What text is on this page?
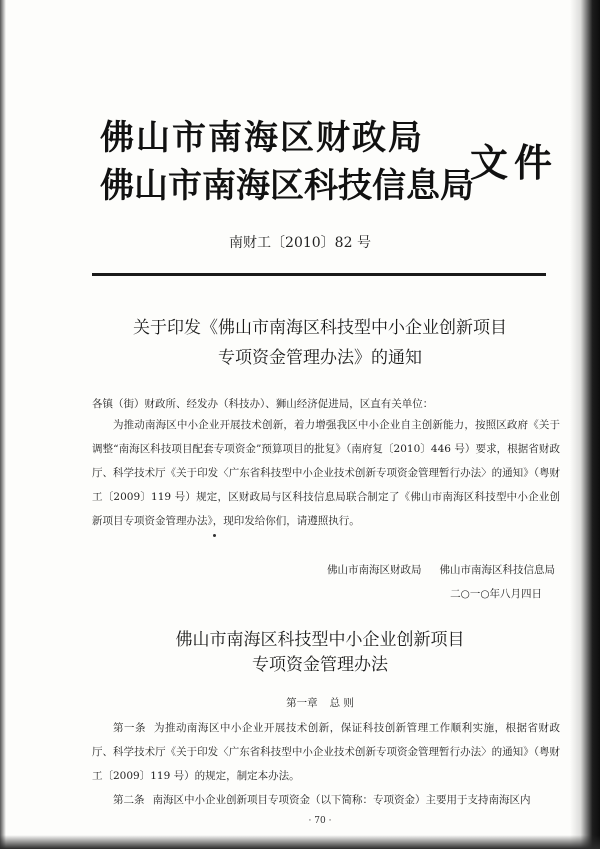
佛山市南海区财政局
佛山市南海区科技信息局
文件
南财工〔2010〕82 号
关于印发《佛山市南海区科技型中小企业创新项目
专项资金管理办法》的通知
各镇（街）财政所、经发办（科技办）、狮山经济促进局，区直有关单位：
为推动南海区中小企业开展技术创新，着力增强我区中小企业自主创新能力，按照区政府《关于调整“南海区科技项目配套专项资金”预算项目的批复》（南府复〔2010〕446 号）要求，根据省财政厅、科学技术厅《关于印发〈广东省科技型中小企业技术创新专项资金管理暂行办法〉的通知》（粤财工〔2009〕119 号）规定，区财政局与区科技信息局联合制定了《佛山市南海区科技型中小企业创新项目专项资金管理办法》，现印发给你们，请遵照执行。
佛山市南海区财政局 佛山市南海区科技信息局
二○一○年八月四日
佛山市南海区科技型中小企业创新项目
专项资金管理办法
第一章 总 则
第一条 为推动南海区中小企业开展技术创新，保证科技创新管理工作顺利实施，根据省财政厅、科学技术厅《关于印发〈广东省科技型中小企业技术创新专项资金管理暂行办法〉的通知》（粤财工〔2009〕119 号）的规定，制定本办法。
第二条 南海区中小企业创新项目专项资金（以下简称：专项资金）主要用于支持南海区内
· 70 ·
